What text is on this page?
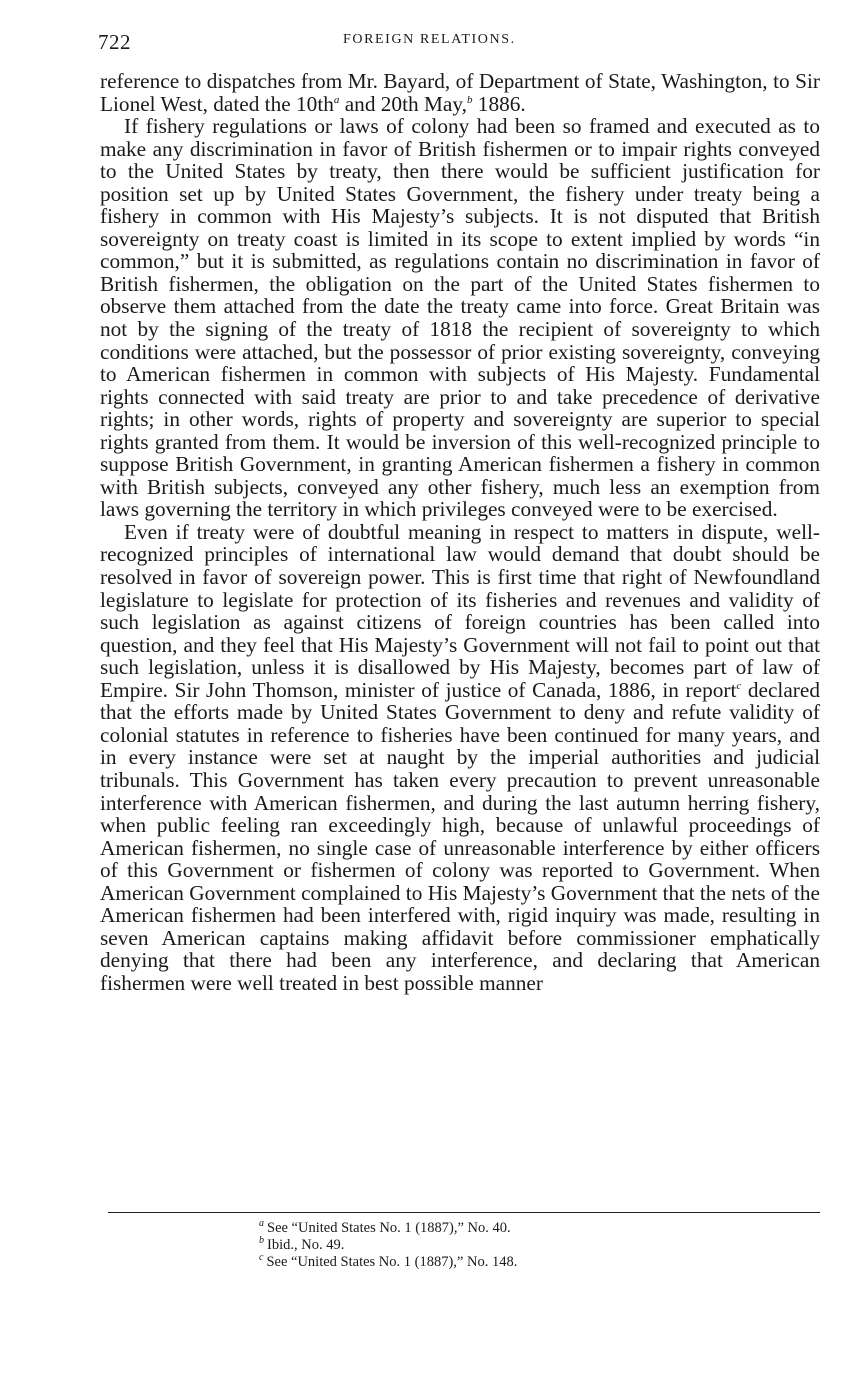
722	FOREIGN RELATIONS.

reference to dispatches from Mr. Bayard, of Department of State, Washington, to Sir Lionel West, dated the 10th$^a$ and 20th May,$^b$ 1886.

If fishery regulations or laws of colony had been so framed and executed as to make any discrimination in favor of British fishermen or to impair rights conveyed to the United States by treaty, then there would be sufficient justification for position set up by United States Government, the fishery under treaty being a fishery in common with His Majesty’s subjects. It is not disputed that British sovereignty on treaty coast is limited in its scope to extent implied by words “in common,” but it is submitted, as regulations contain no discrimination in favor of British fishermen, the obligation on the part of the United States fishermen to observe them attached from the date the treaty came into force. Great Britain was not by the signing of the treaty of 1818 the recipient of sovereignty to which conditions were attached, but the possessor of prior existing sovereignty, conveying to American fishermen in common with subjects of His Majesty. Fundamental rights connected with said treaty are prior to and take precedence of derivative rights; in other words, rights of property and sovereignty are superior to special rights granted from them. It would be inversion of this well-recognized principle to suppose British Government, in granting American fishermen a fishery in common with British subjects, conveyed any other fishery, much less an exemption from laws governing the territory in which privileges conveyed were to be exercised.

Even if treaty were of doubtful meaning in respect to matters in dispute, well-recognized principles of international law would demand that doubt should be resolved in favor of sovereign power. This is first time that right of Newfoundland legislature to legislate for protection of its fisheries and revenues and validity of such legislation as against citizens of foreign countries has been called into question, and they feel that His Majesty’s Government will not fail to point out that such legislation, unless it is disallowed by His Majesty, becomes part of law of Empire. Sir John Thomson, minister of justice of Canada, 1886, in report$^c$ declared that the efforts made by United States Government to deny and refute validity of colonial statutes in reference to fisheries have been continued for many years, and in every instance were set at naught by the imperial authorities and judicial tribunals. This Government has taken every precaution to prevent unreasonable interference with American fishermen, and during the last autumn herring fishery, when public feeling ran exceedingly high, because of unlawful proceedings of American fishermen, no single case of unreasonable interference by either officers of this Government or fishermen of colony was reported to Government. When American Government complained to His Majesty’s Government that the nets of the American fishermen had been interfered with, rigid inquiry was made, resulting in seven American captains making affidavit before commissioner emphatically denying that there had been any interference, and declaring that American fishermen were well treated in best possible manner

$^a$ See “United States No. 1 (1887),” No. 40.
$^b$ Ibid., No. 49.
$^c$ See “United States No. 1 (1887),” No. 148.
